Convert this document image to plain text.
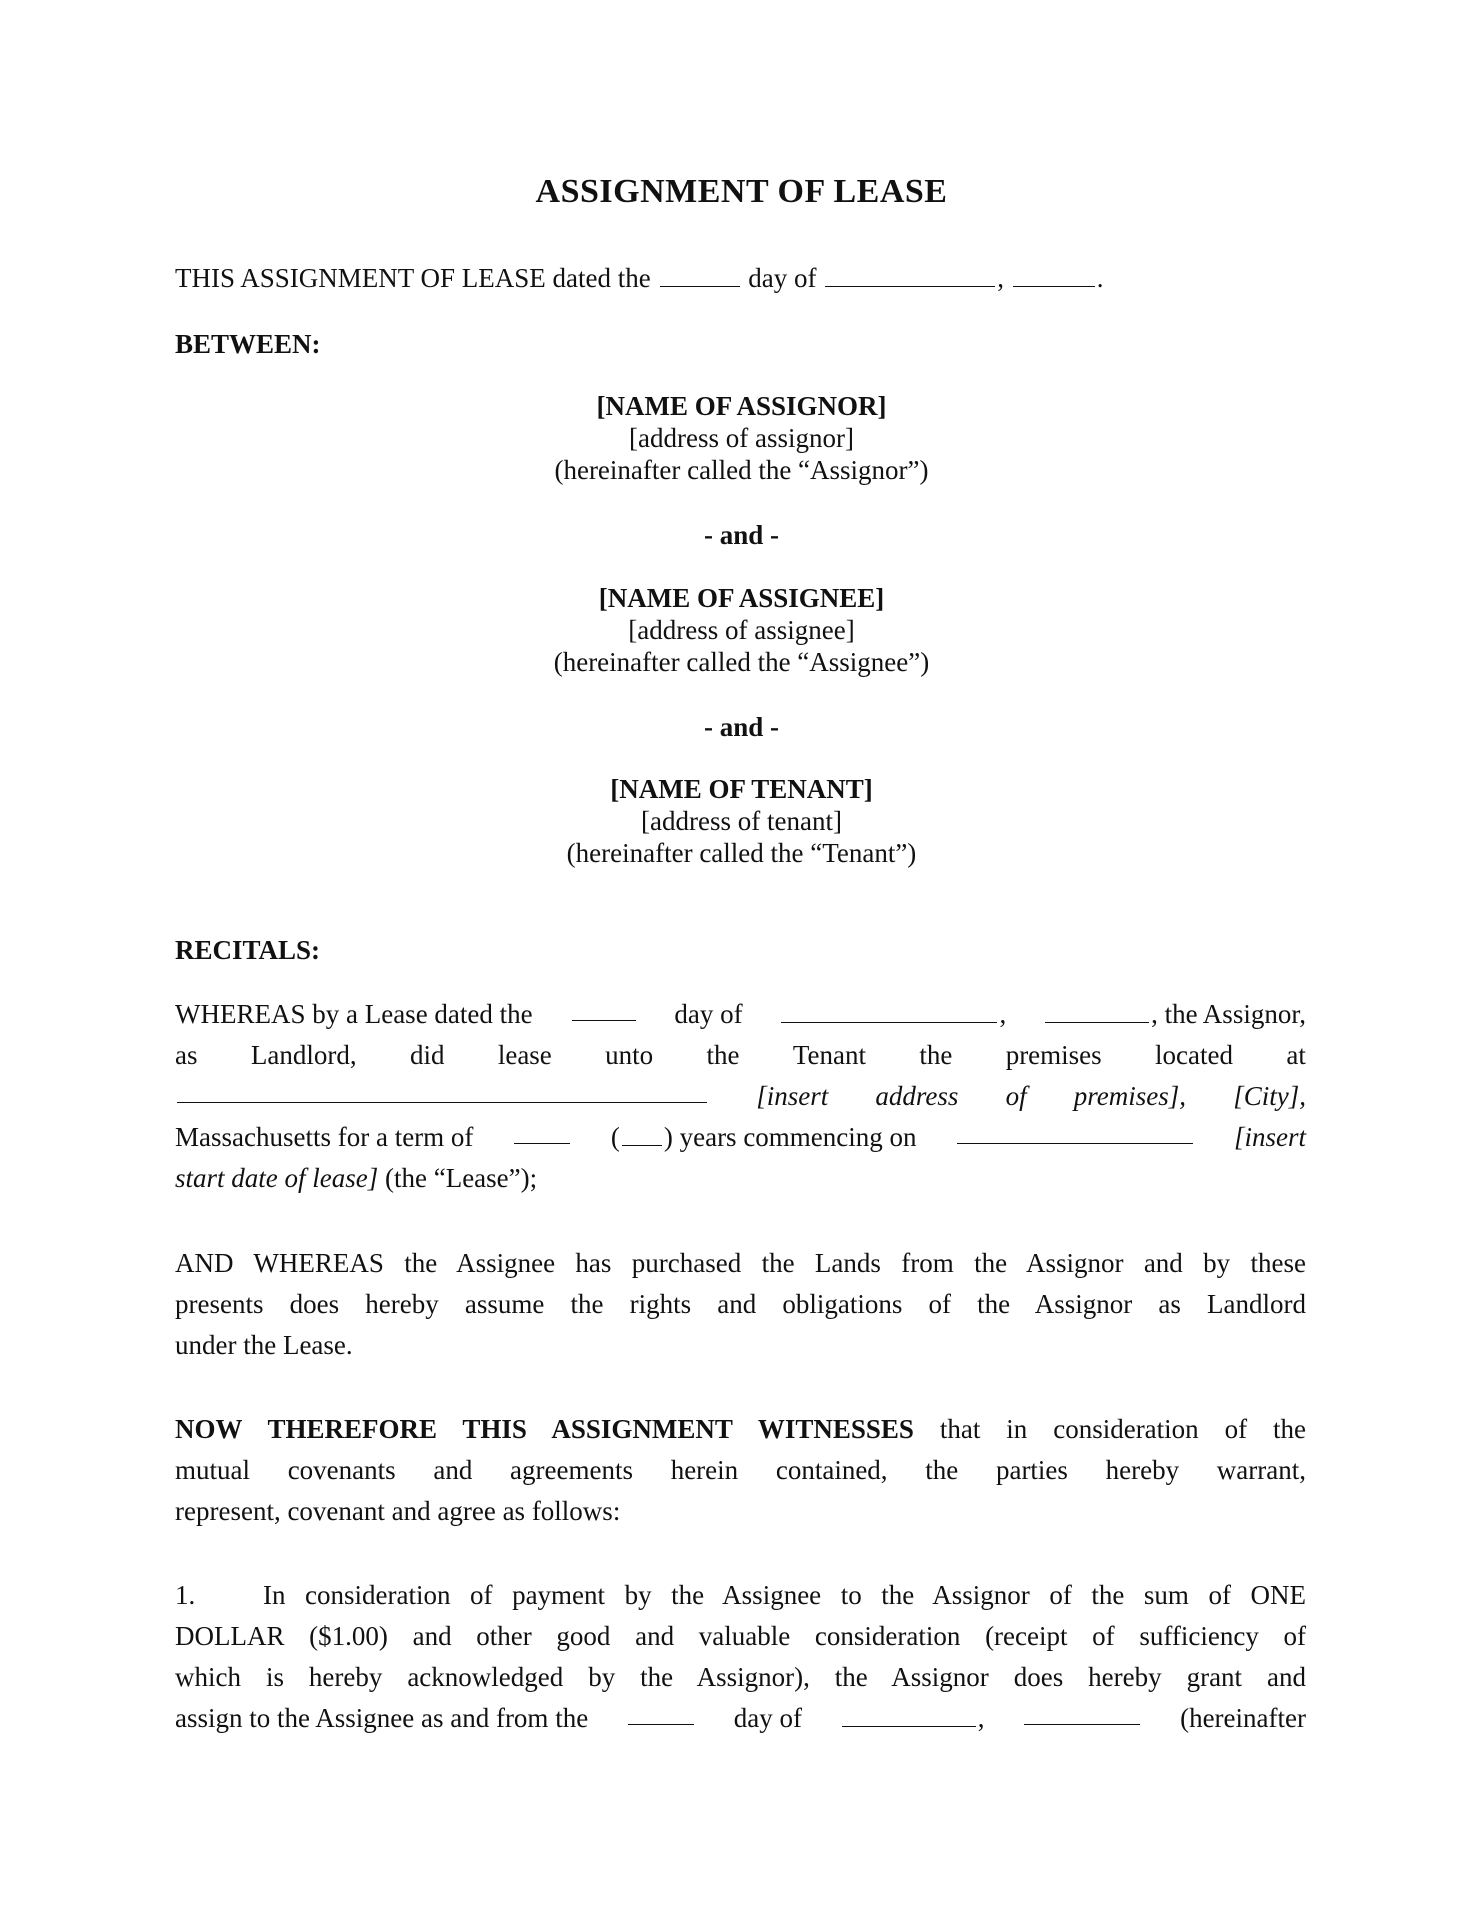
ASSIGNMENT OF LEASE
THIS ASSIGNMENT OF LEASE dated the	day of	,	.
BETWEEN:
[NAME OF ASSIGNOR]
[address of assignor]
(hereinafter called the “Assignor”)
- and -
[NAME OF ASSIGNEE]
[address of assignee]
(hereinafter called the “Assignee”)
- and -
[NAME OF TENANT]
[address of tenant]
(hereinafter called the “Tenant”)
RECITALS:
WHEREAS by a Lease dated the	day of	,	, the Assignor,
as Landlord, did lease unto the Tenant the premises located at
[insert address of premises], [City],
Massachusetts for a term of	( ) years commencing on	[insert
start date of lease] (the “Lease”);
AND WHEREAS the Assignee has purchased the Lands from the Assignor and by these
presents does hereby assume the rights and obligations of the Assignor as Landlord
under the Lease.
NOW THEREFORE THIS ASSIGNMENT WITNESSES that in consideration of the
mutual covenants and agreements herein contained, the parties hereby warrant,
represent, covenant and agree as follows:
1.	In consideration of payment by the Assignee to the Assignor of the sum of ONE
DOLLAR ($1.00) and other good and valuable consideration (receipt of sufficiency of
which is hereby acknowledged by the Assignor), the Assignor does hereby grant and
assign to the Assignee as and from the	day of	,	(hereinafter
